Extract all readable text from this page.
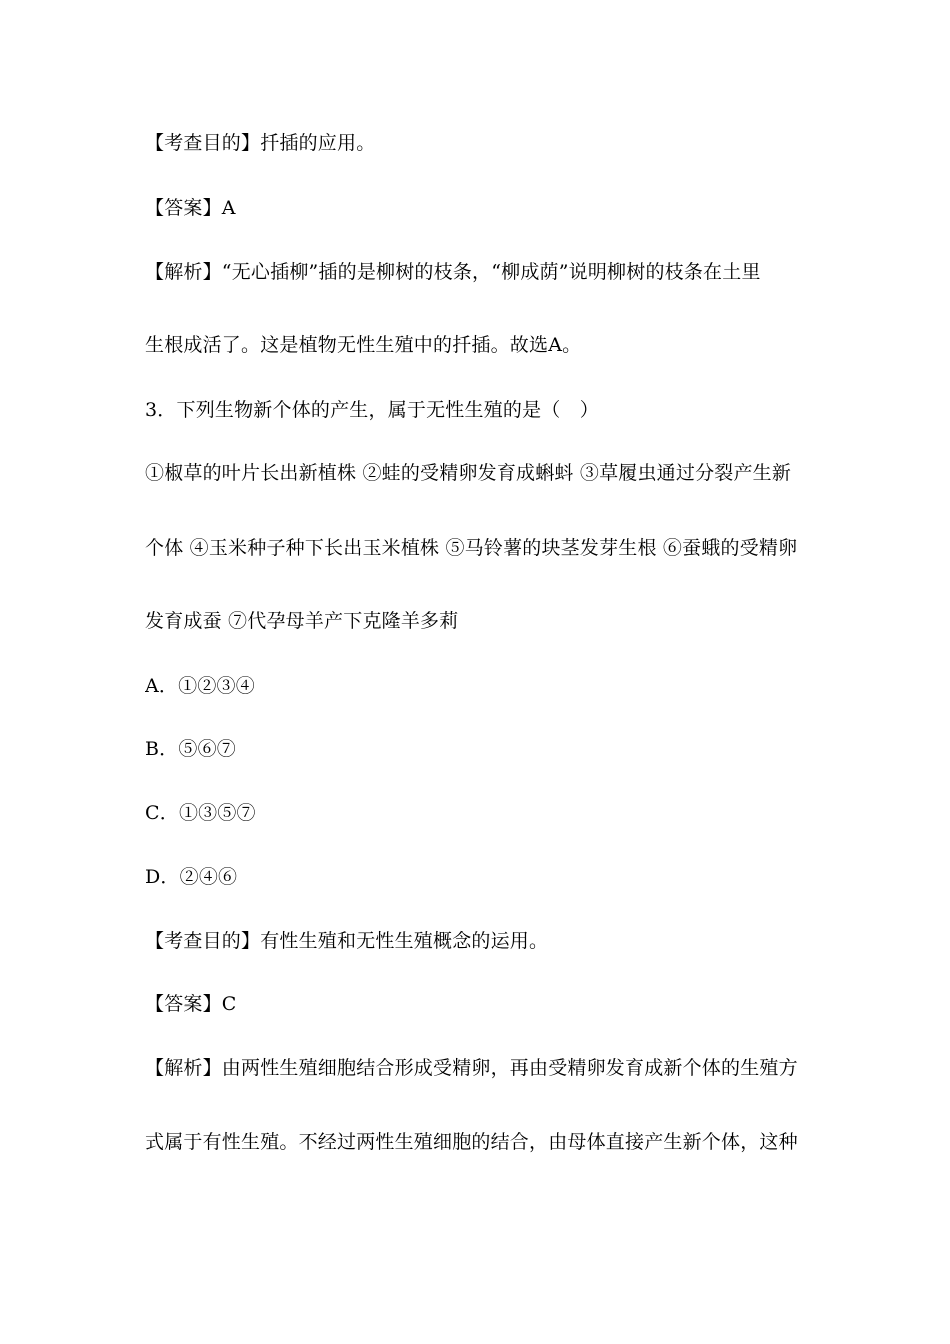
【考查目的】扦插的应用。
【答案】A
【解析】“无心插柳”插的是柳树的枝条，“柳成荫”说明柳树的枝条在土里
生根成活了。这是植物无性生殖中的扦插。故选A。
3．下列生物新个体的产生，属于无性生殖的是（　）
①椒草的叶片长出新植株 ②蛙的受精卵发育成蝌蚪 ③草履虫通过分裂产生新
个体 ④玉米种子种下长出玉米植株 ⑤马铃薯的块茎发芽生根 ⑥蚕蛾的受精卵
发育成蚕 ⑦代孕母羊产下克隆羊多莉
A．①②③④
B．⑤⑥⑦
C．①③⑤⑦
D．②④⑥
【考查目的】有性生殖和无性生殖概念的运用。
【答案】C
【解析】由两性生殖细胞结合形成受精卵，再由受精卵发育成新个体的生殖方
式属于有性生殖。不经过两性生殖细胞的结合，由母体直接产生新个体，这种
